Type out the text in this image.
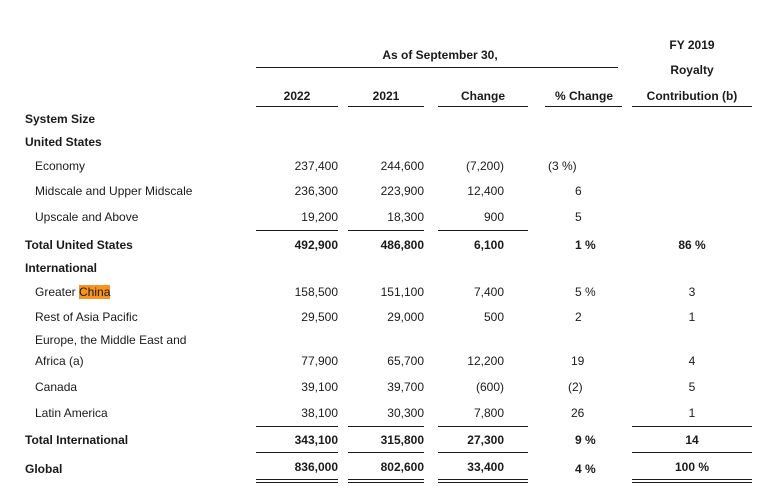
As of September 30,
FY 2019
Royalty
Contribution (b)
2022	2021	Change	% Change
System Size
United States
Economy	237,400	244,600	(7,200)	(3 %)
Midscale and Upper Midscale	236,300	223,900	12,400	6
Upscale and Above	19,200	18,300	900	5
Total United States	492,900	486,800	6,100	1 %	86 %
International
Greater China	158,500	151,100	7,400	5 %	3
Rest of Asia Pacific	29,500	29,000	500	2	1
Europe, the Middle East and
Africa (a)	77,900	65,700	12,200	19	4
Canada	39,100	39,700	(600)	(2)	5
Latin America	38,100	30,300	7,800	26	1
Total International	343,100	315,800	27,300	9 %	14
Global	836,000	802,600	33,400	4 %	100 %
